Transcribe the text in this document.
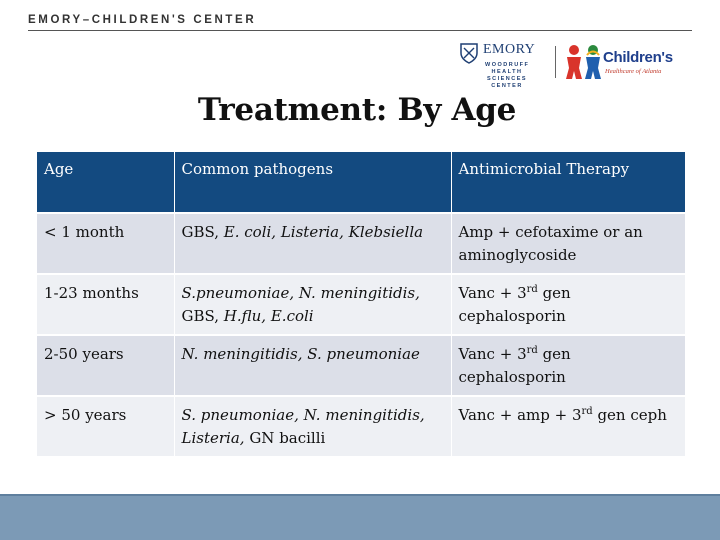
EMORY–CHILDREN'S CENTER
EMORY
WOODRUFF
HEALTH
SCIENCES
CENTER
Children's
Healthcare of Atlanta
Treatment: By Age
Age	Common pathogens	Antimicrobial Therapy
< 1 month	GBS, E. coli, Listeria, Klebsiella	Amp + cefotaxime or an aminoglycoside
1-23 months	S.pneumoniae, N. meningitidis, GBS, H.flu, E.coli	Vanc + 3rd gen cephalosporin
2-50 years	N. meningitidis, S. pneumoniae	Vanc + 3rd gen cephalosporin
> 50 years	S. pneumoniae, N. meningitidis, Listeria, GN bacilli	Vanc + amp + 3rd gen ceph
